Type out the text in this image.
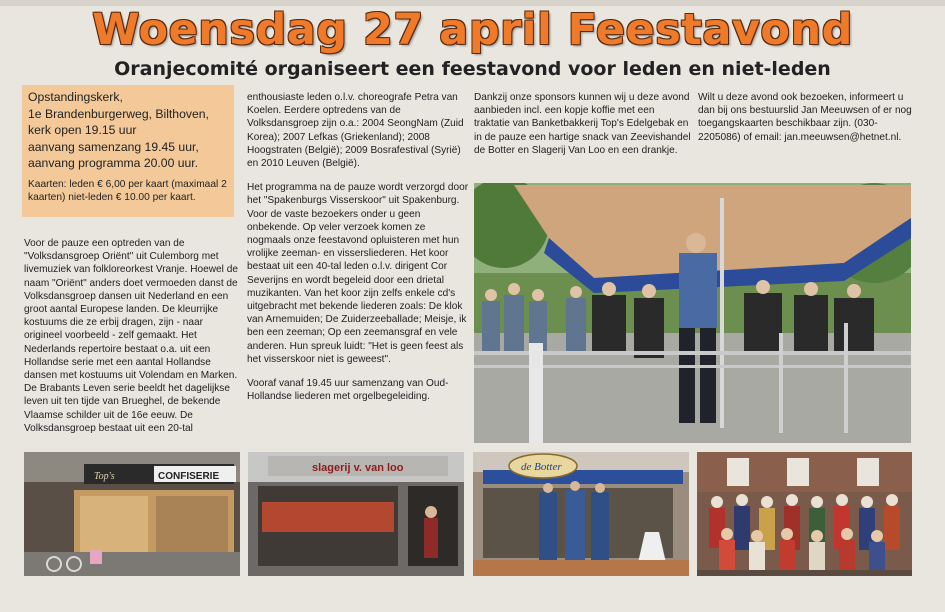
Woensdag 27 april Feestavond
Oranjecomité organiseert een feestavond voor leden en niet-leden
Opstandingskerk,
1e Brandenburgerweg, Bilthoven,
kerk open 19.15 uur
aanvang samenzang 19.45 uur,
aanvang programma 20.00 uur.
Kaarten: leden € 6,00 per kaart (maximaal 2 kaarten) niet-leden € 10.00 per kaart.

Voor de pauze een optreden van de "Volksdansgroep Oriënt" uit Culemborg met livemuziek van folkloreorkest Vranje. Hoewel de naam "Oriënt" anders doet vermoeden danst de Volksdansgroep dansen uit Nederland en een groot aantal Europese landen. De kleurrijke kostuums die ze erbij dragen, zijn - naar origineel voorbeeld - zelf gemaakt. Het Nederlands repertoire bestaat o.a. uit een Hollandse serie met een aantal Hollandse dansen met kostuums uit Volendam en Marken. De Brabants Leven serie beeldt het dagelijkse leven uit ten tijde van Brueghel, de bekende Vlaamse schilder uit de 16e eeuw. De Volksdansgroep bestaat uit een 20-tal

enthousiaste leden o.l.v. choreografe Petra van Koelen. Eerdere optredens van de Volksdansgroep zijn o.a.: 2004 SeongNam (Zuid Korea); 2007 Lefkas (Griekenland); 2008 Hoogstraten (België); 2009 Bosrafestival (Syrië) en 2010 Leuven (België).

Het programma na de pauze wordt verzorgd door het "Spakenburgs Visserskoor" uit Spakenburg. Voor de vaste bezoekers onder u geen onbekende. Op veler verzoek komen ze nogmaals onze feestavond opluisteren met hun vrolijke zeeman- en vissersliederen. Het koor bestaat uit een 40-tal leden o.l.v. dirigent Cor Severijns en wordt begeleid door een drietal muzikanten. Van het koor zijn zelfs enkele cd's uitgebracht met bekende liederen zoals: De klok van Arnemuiden; De Zuiderzeeballade; Meisje, ik ben een zeeman; Op een zeemansgraf en vele anderen. Hun spreuk luidt: "Het is geen feest als het visserskoor niet is geweest".

Vooraf vanaf 19.45 uur samenzang van Oud-Hollandse liederen met orgelbegeleiding.

Dankzij onze sponsors kunnen wij u deze avond aanbieden incl. een kopje koffie met een traktatie van Banketbakkerij Top's Edelgebak en in de pauze een hartige snack van Zeevishandel de Botter en Slagerij Van Loo en een drankje.

Wilt u deze avond ook bezoeken, informeert u dan bij ons bestuurslid Jan Meeuwsen of er nog toegangskaarten beschikbaar zijn. (030-2205086) of email: jan.meeuwsen@hetnet.nl.

Top's	CONFISERIE
slagerij v. van loo	de Botter
